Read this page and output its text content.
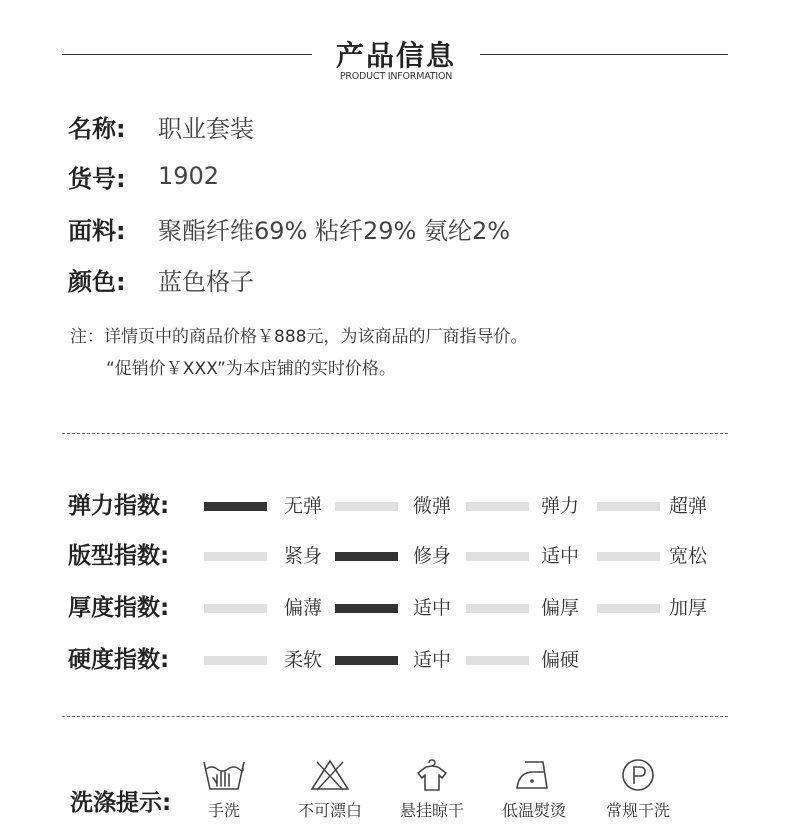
产品信息
PRODUCT INFORMATION
名称:	职业套装
货号:	1902
面料:	聚酯纤维69% 粘纤29% 氨纶2%
颜色:	蓝色格子
注：详情页中的商品价格￥888元，为该商品的厂商指导价。
“促销价￥XXX”为本店铺的实时价格。
弹力指数:	无弹	微弹	弹力	超弹
版型指数:	紧身	修身	适中	宽松
厚度指数:	偏薄	适中	偏厚	加厚
硬度指数:	柔软	适中	偏硬
洗涤提示:	手洗	不可漂白	悬挂晾干	低温熨烫	常规干洗
